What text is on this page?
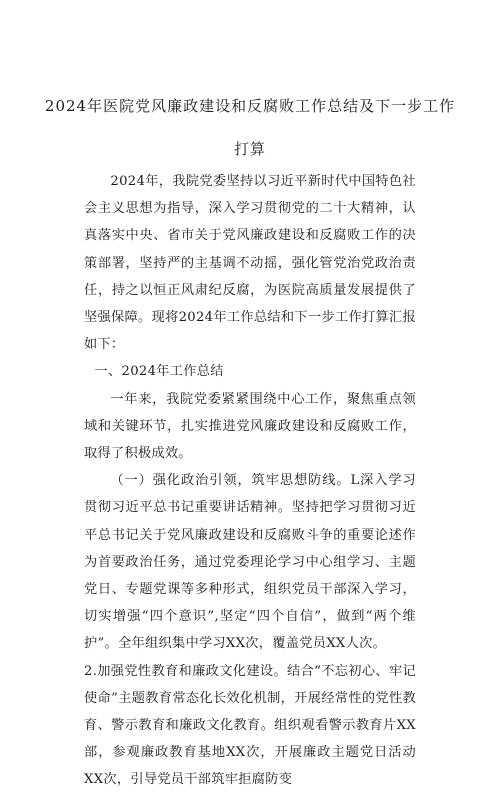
2024年医院党风廉政建设和反腐败工作总结及下一步工作
打算

2024年，我院党委坚持以习近平新时代中国特色社会主义思想为指导，深入学习贯彻党的二十大精神，认真落实中央、省市关于党风廉政建设和反腐败工作的决策部署，坚持严的主基调不动摇，强化管党治党政治责任，持之以恒正风肃纪反腐，为医院高质量发展提供了坚强保障。现将2024年工作总结和下一步工作打算汇报如下：

一、2024年工作总结

一年来，我院党委紧紧围绕中心工作，聚焦重点领域和关键环节，扎实推进党风廉政建设和反腐败工作，取得了积极成效。

（一）强化政治引领，筑牢思想防线。L深入学习贯彻习近平总书记重要讲话精神。坚持把学习贯彻习近平总书记关于党风廉政建设和反腐败斗争的重要论述作为首要政治任务，通过党委理论学习中心组学习、主题党日、专题党课等多种形式，组织党员干部深入学习，切实增强“四个意识”,坚定“四个自信”，做到“两个维护”。全年组织集中学习XX次，覆盖党员XX人次。

2.加强党性教育和廉政文化建设。结合“不忘初心、牢记使命”主题教育常态化长效化机制，开展经常性的党性教育、警示教育和廉政文化教育。组织观看警示教育片XX部，参观廉政教育基地XX次，开展廉政主题党日活动XX次，引导党员干部筑牢拒腐防变
